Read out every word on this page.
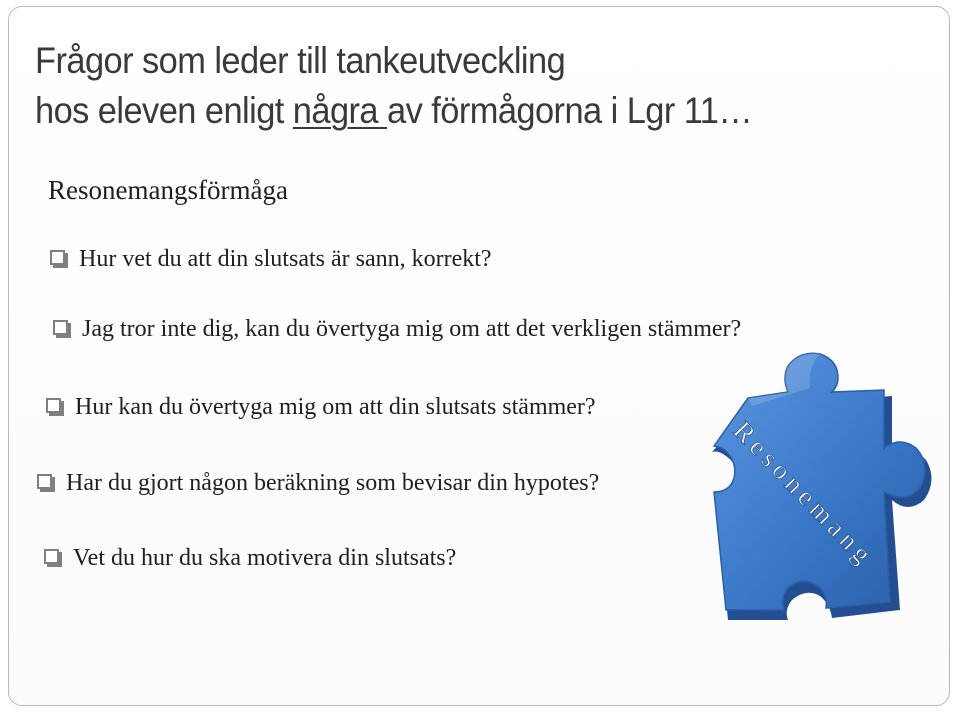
Frågor som leder till tankeutveckling
hos eleven enligt några av förmågorna i Lgr 11…
Resonemangsförmåga
Hur vet du att din slutsats är sann, korrekt?
Jag tror inte dig, kan du övertyga mig om att det verkligen stämmer?
Hur kan du övertyga mig om att din slutsats stämmer?
Har du gjort någon beräkning som bevisar din hypotes?
Vet du hur du ska motivera din slutsats?	Resonemang
